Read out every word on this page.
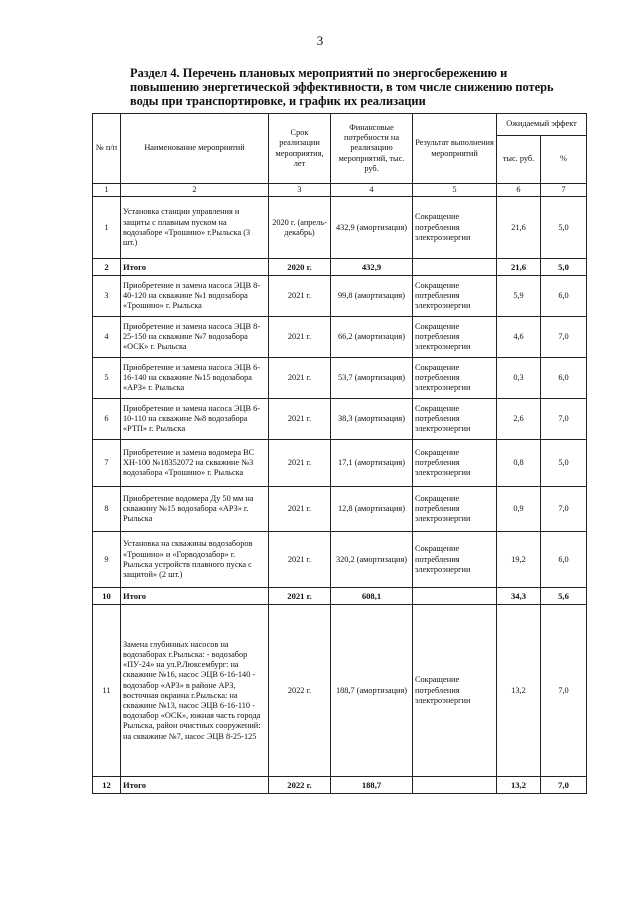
3
Раздел 4. Перечень плановых мероприятий по энергосбережению и
повышению энергетической эффективности, в том числе снижению потерь
воды при транспортировке, и график их реализации
№ п/п	Наименование мероприятий	Срок реализации мероприятия, лет	Финансовые потребности на реализацию мероприятий, тыс. руб.	Результат выполнения мероприятий	Ожидаемый эффект	
					тыс. руб.	%
1	2	3	4	5	6	7
1	Установка станции управления и защиты с плавным пуском на водозаборе «Трошино» г.Рыльска (3 шт.)	2020 г. (апрель-декабрь)	432,9 (амортизация)	Сокращение потребления электроэнергии	21,6	5,0
2	Итого	2020 г.	432,9		21,6	5,0
3	Приобретение и замена насоса ЭЦВ 8-40-120 на скважине №1 водозабора «Трошино» г. Рыльска	2021 г.	99,8 (амортизация)	Сокращение потребления электроэнергии	5,9	6,0
4	Приобретение и замена насоса ЭЦВ 8-25-150 на скважине №7 водозабора «ОСК» г. Рыльска	2021 г.	66,2 (амортизация)	Сокращение потребления электроэнергии	4,6	7,0
5	Приобретение и замена насоса ЭЦВ 6-16-140 на скважине №15 водозабора «АРЗ» г. Рыльска	2021 г.	53,7 (амортизация)	Сокращение потребления электроэнергии	0,3	6,0
6	Приобретение и замена насоса ЭЦВ 6-10-110 на скважине №8 водозабора «РТП» г. Рыльска	2021 г.	38,3 (амортизация)	Сокращение потребления электроэнергии	2,6	7,0
7	Приобретение и замена водомера ВС ХН-100 №18352072 на скважине №3 водозабора «Трошино» г. Рыльска	2021 г.	17,1 (амортизация)	Сокращение потребления электроэнергии	0,8	5,0
8	Приобретение водомера Ду 50 мм на скважину №15 водозабора «АРЗ» г. Рыльска	2021 г.	12,8 (амортизация)	Сокращение потребления электроэнергии	0,9	7,0
9	Установка на скважины водозаборов «Трошино» и «Горводозабор» г. Рыльска устройств плавного пуска с защитой» (2 шт.)	2021 г.	320,2 (амортизация)	Сокращение потребления электроэнергии	19,2	6,0
10	Итого	2021 г.	608,1		34,3	5,6
11	Замена глубинных насосов на водозаборах г.Рыльска: - водозабор «ПУ-24» на ул.Р.Люксембург: на скважине №16, насос ЭЦВ 6-16-140 - водозабор «АРЗ» в районе АРЗ, восточная окраина г.Рыльска: на скважине №13, насос ЭЦВ 6-16-110 - водозабор «ОСК», южная часть города Рыльска, район очистных сооружений: на скважине №7, насос ЭЦВ 8-25-125	2022 г.	188,7 (амортизация)	Сокращение потребления электроэнергии	13,2	7,0
12	Итого	2022 г.	188,7		13,2	7,0
